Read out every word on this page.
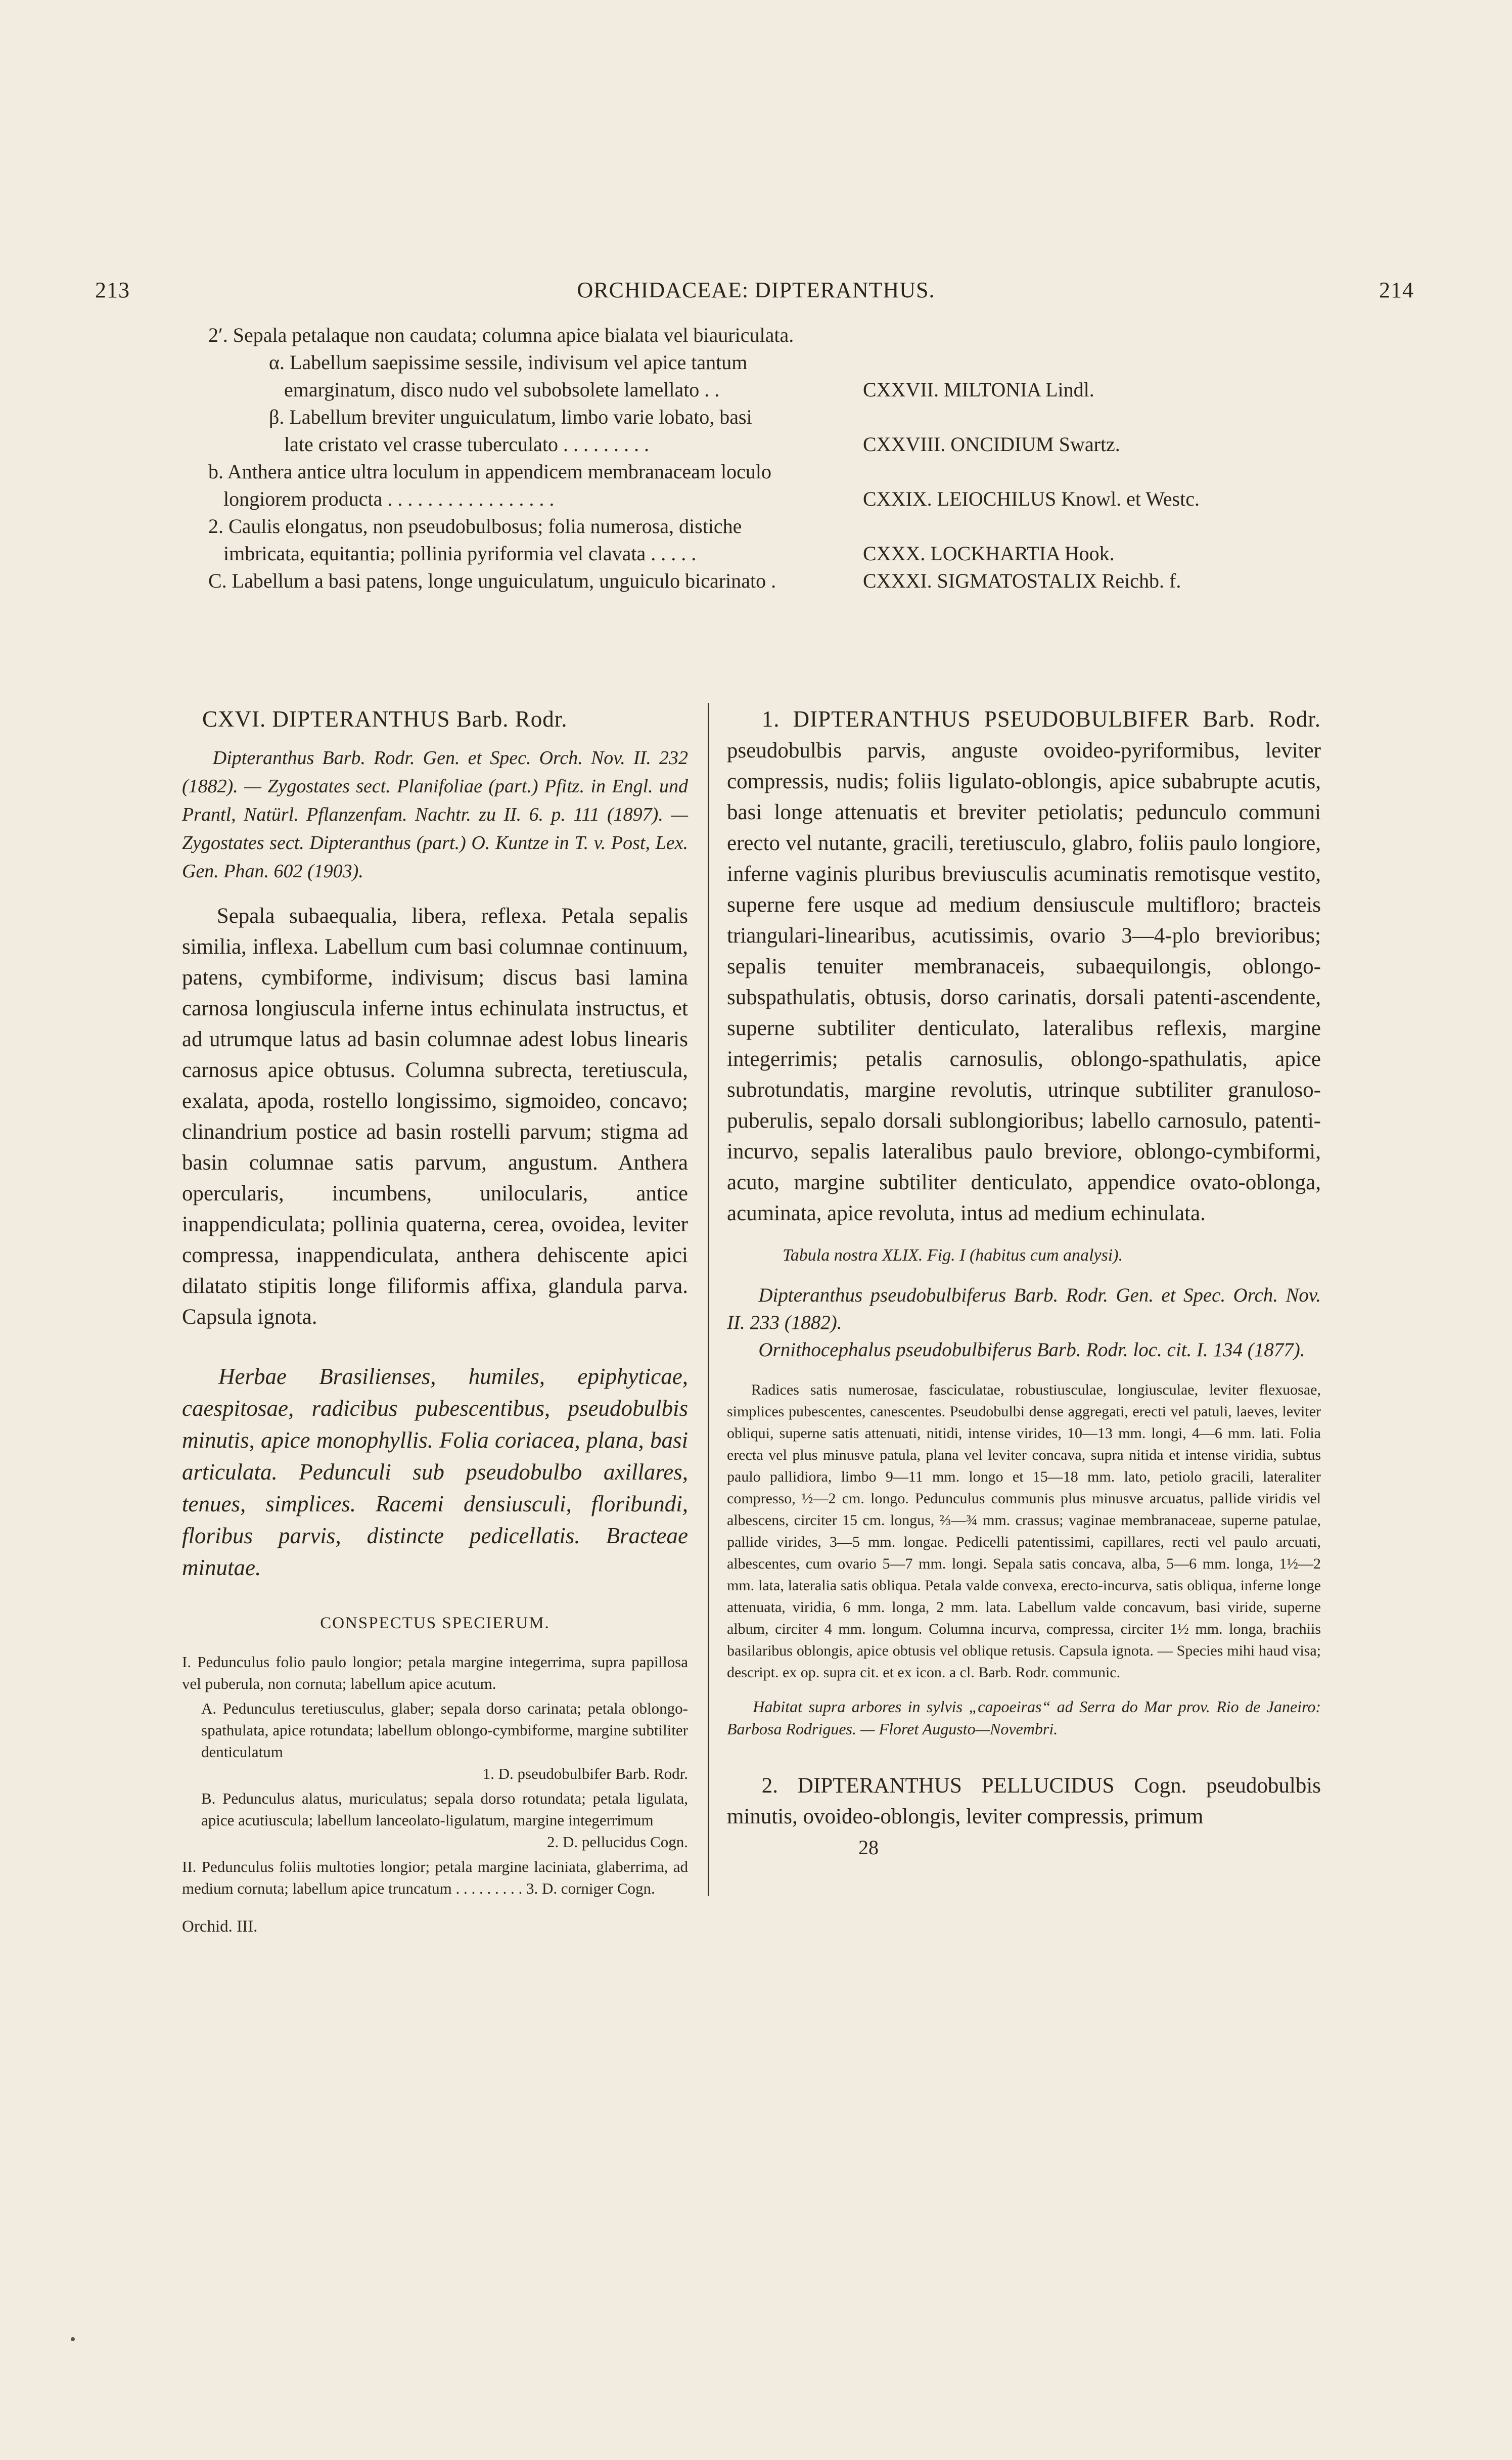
213	ORCHIDACEAE: DIPTERANTHUS.	214
2′. Sepala petalaque non caudata; columna apice bialata vel biauriculata.
α. Labellum saepissime sessile, indivisum vel apice tantum
emarginatum, disco nudo vel subobsolete lamellato . .	CXXVII. MILTONIA Lindl.
β. Labellum breviter unguiculatum, limbo varie lobato, basi
late cristato vel crasse tuberculato . . . . . . . . .	CXXVIII. ONCIDIUM Swartz.
b. Anthera antice ultra loculum in appendicem membranaceam loculo
longiorem producta . . . . . . . . . . . . . . . . .	CXXIX. LEIOCHILUS Knowl. et Westc.
2. Caulis elongatus, non pseudobulbosus; folia numerosa, distiche
imbricata, equitantia; pollinia pyriformia vel clavata . . . . .	CXXX. LOCKHARTIA Hook.
C. Labellum a basi patens, longe unguiculatum, unguiculo bicarinato .	CXXXI. SIGMATOSTALIX Reichb. f.

CXVI. DIPTERANTHUS Barb. Rodr.

Dipteranthus Barb. Rodr. Gen. et Spec. Orch. Nov. II. 232 (1882). — Zygostates sect. Planifoliae (part.) Pfitz. in Engl. und Prantl, Natürl. Pflanzenfam. Nachtr. zu II. 6. p. 111 (1897). — Zygostates sect. Dipteranthus (part.) O. Kuntze in T. v. Post, Lex. Gen. Phan. 602 (1903).

Sepala subaequalia, libera, reflexa. Petala sepalis similia, inflexa. Labellum cum basi columnae continuum, patens, cymbiforme, indivisum; discus basi lamina carnosa longiuscula inferne intus echinulata instructus, et ad utrumque latus ad basin columnae adest lobus linearis carnosus apice obtusus. Columna subrecta, teretiuscula, exalata, apoda, rostello longissimo, sigmoideo, concavo; clinandrium postice ad basin rostelli parvum; stigma ad basin columnae satis parvum, angustum. Anthera opercularis, incumbens, unilocularis, antice inappendiculata; pollinia quaterna, cerea, ovoidea, leviter compressa, inappendiculata, anthera dehiscente apici dilatato stipitis longe filiformis affixa, glandula parva. Capsula ignota.

Herbae Brasilienses, humiles, epiphyticae, caespitosae, radicibus pubescentibus, pseudobulbis minutis, apice monophyllis. Folia coriacea, plana, basi articulata. Pedunculi sub pseudobulbo axillares, tenues, simplices. Racemi densiusculi, floribundi, floribus parvis, distincte pedicellatis. Bracteae minutae.

CONSPECTUS SPECIERUM.

I. Pedunculus folio paulo longior; petala margine integerrima, supra papillosa vel puberula, non cornuta; labellum apice acutum.

A. Pedunculus teretiusculus, glaber; sepala dorso carinata; petala oblongo-spathulata, apice rotundata; labellum oblongo-cymbiforme, margine subtiliter denticulatum

1. D. pseudobulbifer Barb. Rodr.

B. Pedunculus alatus, muriculatus; sepala dorso rotundata; petala ligulata, apice acutiuscula; labellum lanceolato-ligulatum, margine integerrimum

2. D. pellucidus Cogn.

II. Pedunculus foliis multoties longior; petala margine laciniata, glaberrima, ad medium cornuta; labellum apice truncatum . . . . . . . . . 3. D. corniger Cogn.

Orchid. III.

1. DIPTERANTHUS PSEUDOBULBIFER Barb. Rodr. pseudobulbis parvis, anguste ovoideo-pyriformibus, leviter compressis, nudis; foliis ligulato-oblongis, apice subabrupte acutis, basi longe attenuatis et breviter petiolatis; pedunculo communi erecto vel nutante, gracili, teretiusculo, glabro, foliis paulo longiore, inferne vaginis pluribus breviusculis acuminatis remotisque vestito, superne fere usque ad medium densiuscule multifloro; bracteis triangulari-linearibus, acutissimis, ovario 3—4-plo brevioribus; sepalis tenuiter membranaceis, subaequilongis, oblongo-subspathulatis, obtusis, dorso carinatis, dorsali patenti-ascendente, superne subtiliter denticulato, lateralibus reflexis, margine integerrimis; petalis carnosulis, oblongo-spathulatis, apice subrotundatis, margine revolutis, utrinque subtiliter granuloso-puberulis, sepalo dorsali sublongioribus; labello carnosulo, patenti-incurvo, sepalis lateralibus paulo breviore, oblongo-cymbiformi, acuto, margine subtiliter denticulato, appendice ovato-oblonga, acuminata, apice revoluta, intus ad medium echinulata.

Tabula nostra XLIX. Fig. I (habitus cum analysi).

Dipteranthus pseudobulbiferus Barb. Rodr. Gen. et Spec. Orch. Nov. II. 233 (1882).

Ornithocephalus pseudobulbiferus Barb. Rodr. loc. cit. I. 134 (1877).

Radices satis numerosae, fasciculatae, robustiusculae, longiusculae, leviter flexuosae, simplices pubescentes, canescentes. Pseudobulbi dense aggregati, erecti vel patuli, laeves, leviter obliqui, superne satis attenuati, nitidi, intense virides, 10—13 mm. longi, 4—6 mm. lati. Folia erecta vel plus minusve patula, plana vel leviter concava, supra nitida et intense viridia, subtus paulo pallidiora, limbo 9—11 mm. longo et 15—18 mm. lato, petiolo gracili, lateraliter compresso, ½—2 cm. longo. Pedunculus communis plus minusve arcuatus, pallide viridis vel albescens, circiter 15 cm. longus, ⅔—¾ mm. crassus; vaginae membranaceae, superne patulae, pallide virides, 3—5 mm. longae. Pedicelli patentissimi, capillares, recti vel paulo arcuati, albescentes, cum ovario 5—7 mm. longi. Sepala satis concava, alba, 5—6 mm. longa, 1½—2 mm. lata, lateralia satis obliqua. Petala valde convexa, erecto-incurva, satis obliqua, inferne longe attenuata, viridia, 6 mm. longa, 2 mm. lata. Labellum valde concavum, basi viride, superne album, circiter 4 mm. longum. Columna incurva, compressa, circiter 1½ mm. longa, brachiis basilaribus oblongis, apice obtusis vel oblique retusis. Capsula ignota. — Species mihi haud visa; descript. ex op. supra cit. et ex icon. a cl. Barb. Rodr. communic.

Habitat supra arbores in sylvis „capoeiras“ ad Serra do Mar prov. Rio de Janeiro: Barbosa Rodrigues. — Floret Augusto—Novembri.

2. DIPTERANTHUS PELLUCIDUS Cogn. pseudobulbis minutis, ovoideo-oblongis, leviter compressis, primum

28
